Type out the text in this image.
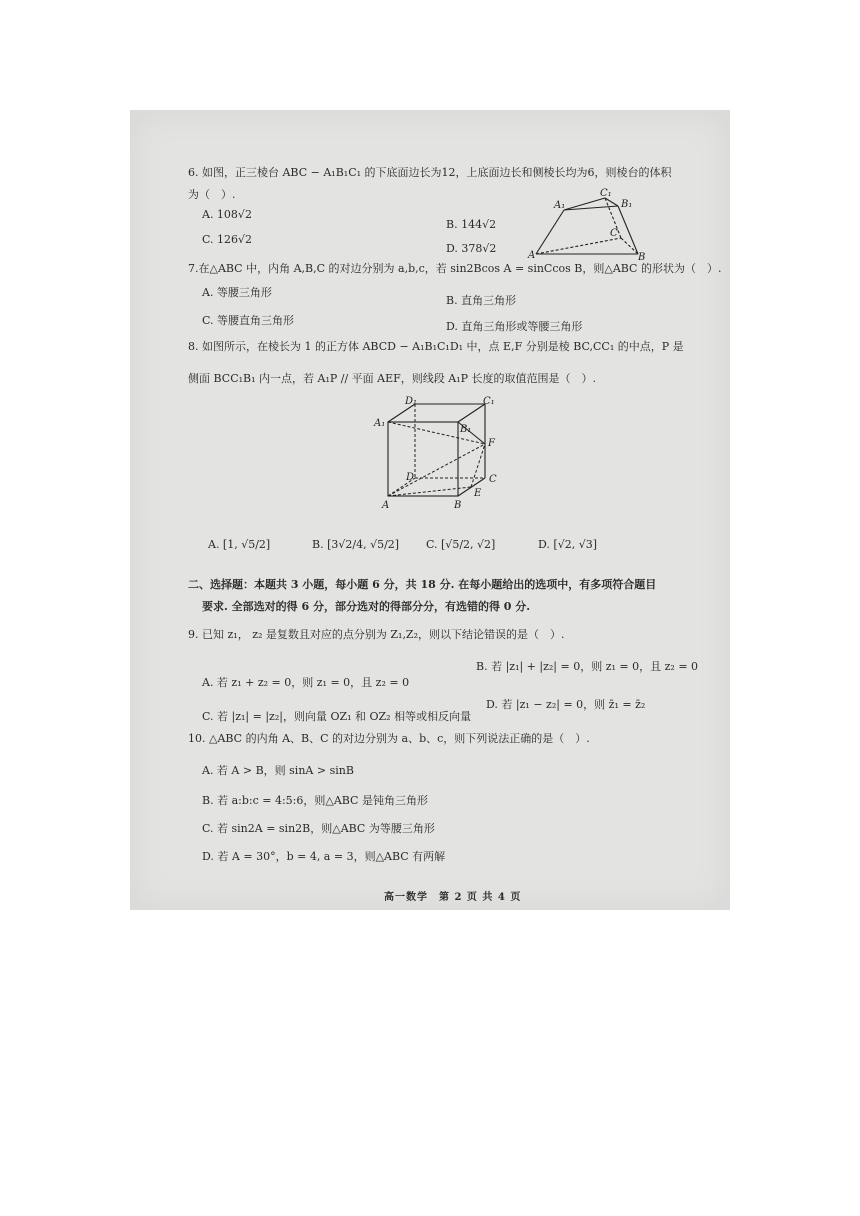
6. 如图，正三棱台 ABC − A₁B₁C₁ 的下底面边长为12，上底面边长和侧棱长均为6，则棱台的体积
为（　）.
A. 108√2
B. 144√2
C. 126√2
D. 378√2
A₁
C₁
B₁
C
A	B
7.在△ABC 中，内角 A,B,C 的对边分别为 a,b,c，若 sin2Bcos A = sinCcos B，则△ABC 的形状为（　）.
A. 等腰三角形
B. 直角三角形
C. 等腰直角三角形	D. 直角三角形或等腰三角形
8. 如图所示，在棱长为 1 的正方体 ABCD − A₁B₁C₁D₁ 中，点 E,F 分别是棱 BC,CC₁ 的中点，P 是
侧面 BCC₁B₁ 内一点，若 A₁P // 平面 AEF，则线段 A₁P 长度的取值范围是（　）.
D₁	C₁
A₁
B₁
F
D	C
E
A	B
A. [1, √5/2]	B. [3√2/4, √5/2] C. [√5/2, √2]	D. [√2, √3]
二、选择题：本题共 3 小题，每小题 6 分，共 18 分. 在每小题给出的选项中，有多项符合题目
要求. 全部选对的得 6 分，部分选对的得部分分，有选错的得 0 分.
9. 已知 z₁， z₂ 是复数且对应的点分别为 Z₁,Z₂，则以下结论错误的是（　）.
A. 若 z₁ + z₂ = 0，则 z₁ = 0，且 z₂ = 0
B. 若 |z₁| + |z₂| = 0，则 z₁ = 0，且 z₂ = 0
C. 若 |z₁| = |z₂|，则向量 OZ₁ 和 OZ₂ 相等或相反向量
D. 若 |z₁ − z₂| = 0，则 z̄₁ = z̄₂
10. △ABC 的内角 A、B、C 的对边分别为 a、b、c，则下列说法正确的是（　）.
A. 若 A > B，则 sinA > sinB
B. 若 a:b:c = 4:5:6，则△ABC 是钝角三角形
C. 若 sin2A = sin2B，则△ABC 为等腰三角形
D. 若 A = 30°，b = 4, a = 3，则△ABC 有两解
高一数学　第 2 页 共 4 页
